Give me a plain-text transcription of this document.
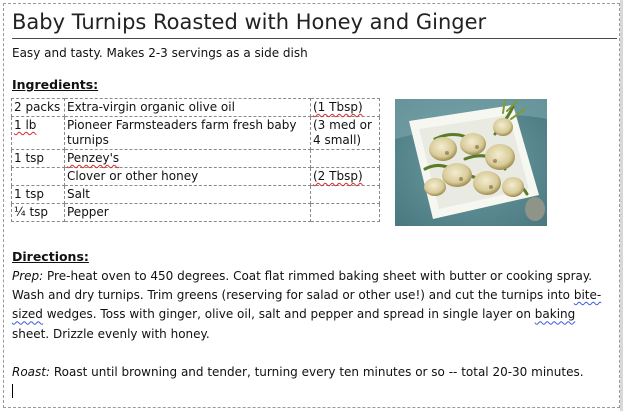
Baby Turnips Roasted with Honey and Ginger
Easy and tasty. Makes 2-3 servings as a side dish
Ingredients:
2 packs	Extra-virgin organic olive oil	(1 Tbsp)
1 lb	Pioneer Farmsteaders farm fresh baby turnips	(3 med or 4 small)
1 tsp	Penzey's	
	Clover or other honey	(2 Tbsp)
1 tsp	Salt	
¼ tsp	Pepper	
Directions:

Prep: Pre-heat oven to 450 degrees. Coat flat rimmed baking sheet with butter or cooking spray. Wash and dry turnips. Trim greens (reserving for salad or other use!) and cut the turnips into bite-sized wedges. Toss with ginger, olive oil, salt and pepper and spread in single layer on baking sheet. Drizzle evenly with honey.

Roast: Roast until browning and tender, turning every ten minutes or so -- total 20-30 minutes.
